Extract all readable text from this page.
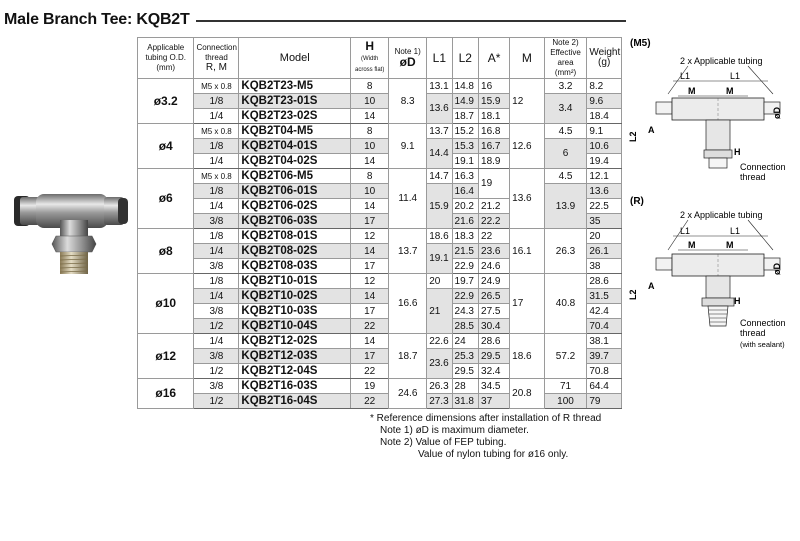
Male Branch Tee: KQB2T
Applicable tubing O.D. (mm)	Connection thread
R, M	Model	H
(Width across flat)	Note 1)
øD	L1	L2	A*	M	Note 2)
Effective area (mm²)	Weight (g)
ø3.2	M5 x 0.8	KQB2T23-M5	8	8.3	13.1	14.8	16	12	3.2	8.2
	1/8	KQB2T23-01S	10		13.6	14.9	15.9		3.4	9.6
	1/4	KQB2T23-02S	14			18.7	18.1			18.4
ø4	M5 x 0.8	KQB2T04-M5	8	9.1	13.7	15.2	16.8	12.6	4.5	9.1
	1/8	KQB2T04-01S	10		14.4	15.3	16.7		6	10.6
	1/4	KQB2T04-02S	14			19.1	18.9			19.4
ø6	M5 x 0.8	KQB2T06-M5	8	11.4	14.7	16.3	19	13.6	4.5	12.1
	1/8	KQB2T06-01S	10		15.9	16.4			13.9	13.6
	1/4	KQB2T06-02S	14			20.2	21.2			22.5
	3/8	KQB2T06-03S	17			21.6	22.2			35
ø8	1/8	KQB2T08-01S	12	13.7	18.6	18.3	22	16.1	26.3	20
	1/4	KQB2T08-02S	14		19.1	21.5	23.6			26.1
	3/8	KQB2T08-03S	17			22.9	24.6			38
ø10	1/8	KQB2T10-01S	12	16.6	20	19.7	24.9	17	40.8	28.6
	1/4	KQB2T10-02S	14		21	22.9	26.5			31.5
	3/8	KQB2T10-03S	17			24.3	27.5			42.4
	1/2	KQB2T10-04S	22			28.5	30.4			70.4
ø12	1/4	KQB2T12-02S	14	18.7	22.6	24	28.6	18.6	57.2	38.1
	3/8	KQB2T12-03S	17		23.6	25.3	29.5			39.7
	1/2	KQB2T12-04S	22			29.5	32.4			70.8
ø16	3/8	KQB2T16-03S	19	24.6	26.3	28	34.5	20.8	71	64.4
	1/2	KQB2T16-04S	22		27.3	31.8	37		100	79
* Reference dimensions after installation of R thread
Note 1) øD is maximum diameter.
Note 2) Value of FEP tubing.
Value of nylon tubing for ø16 only.
(M5)
2 x Applicable tubing
L1	L1
M	M
L2
A
øD
H
Connection
thread
(R)
2 x Applicable tubing
L1	L1
M	M
L2
A
øD
H
Connection
thread
(with sealant)
